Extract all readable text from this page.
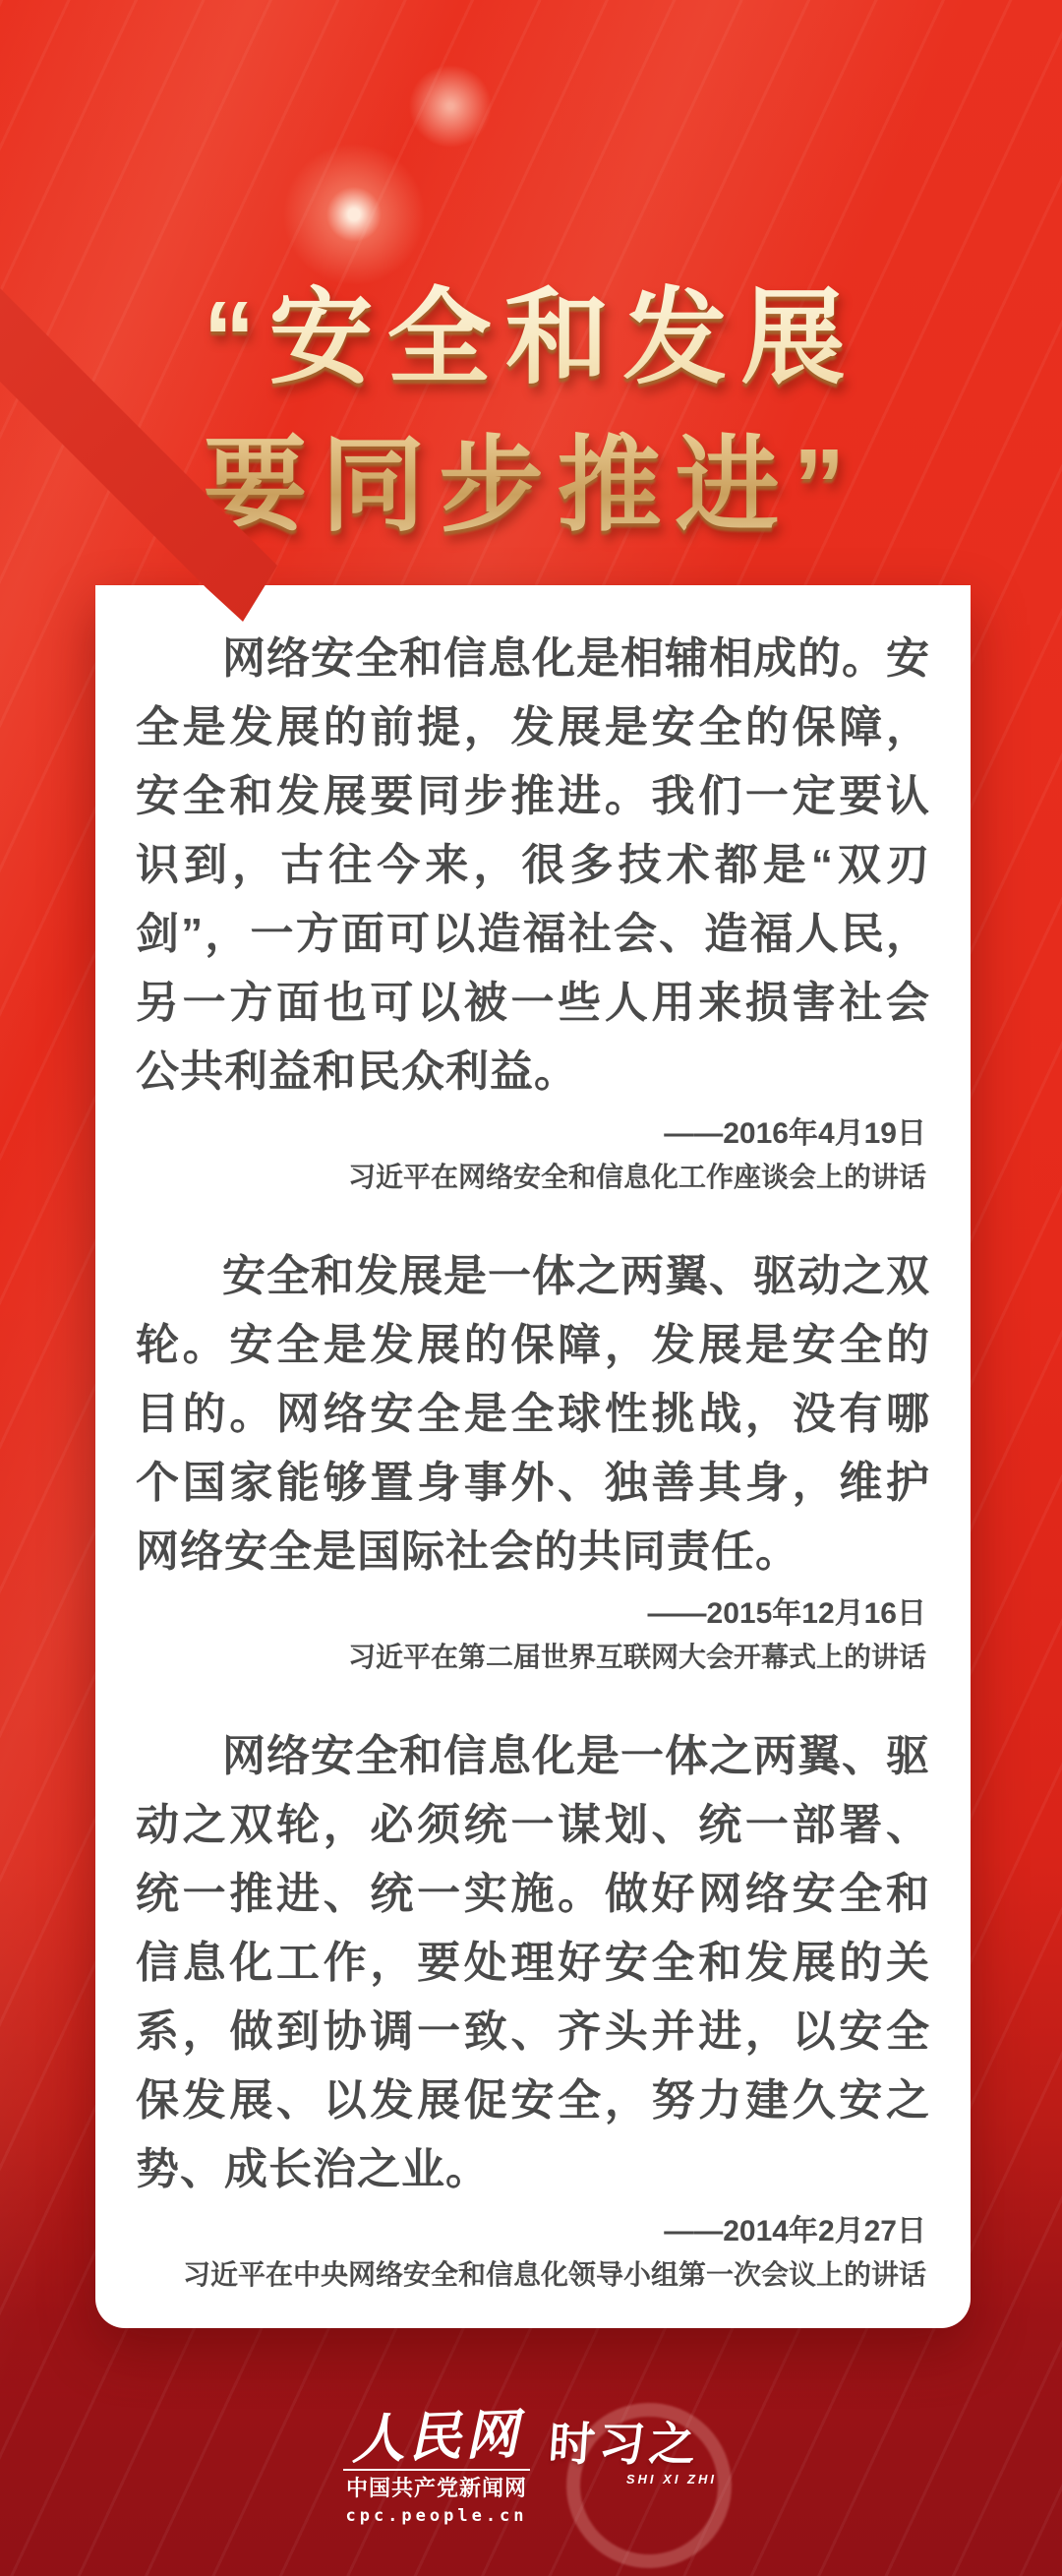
“安全和发展
要同步推进”

网络安全和信息化是相辅相成的。安全是发展的前提，发展是安全的保障，安全和发展要同步推进。我们一定要认识到，古往今来，很多技术都是“双刃剑”，一方面可以造福社会、造福人民，另一方面也可以被一些人用来损害社会公共利益和民众利益。

——2016年4月19日
习近平在网络安全和信息化工作座谈会上的讲话

安全和发展是一体之两翼、驱动之双轮。安全是发展的保障，发展是安全的目的。网络安全是全球性挑战，没有哪个国家能够置身事外、独善其身，维护网络安全是国际社会的共同责任。

——2015年12月16日
习近平在第二届世界互联网大会开幕式上的讲话

网络安全和信息化是一体之两翼、驱动之双轮，必须统一谋划、统一部署、统一推进、统一实施。做好网络安全和信息化工作，要处理好安全和发展的关系，做到协调一致、齐头并进，以安全保发展、以发展促安全，努力建久安之势、成长治之业。

——2014年2月27日
习近平在中央网络安全和信息化领导小组第一次会议上的讲话
人民网
中国共产党新闻网
cpc.people.cn
时习之
SHI XI ZHI
